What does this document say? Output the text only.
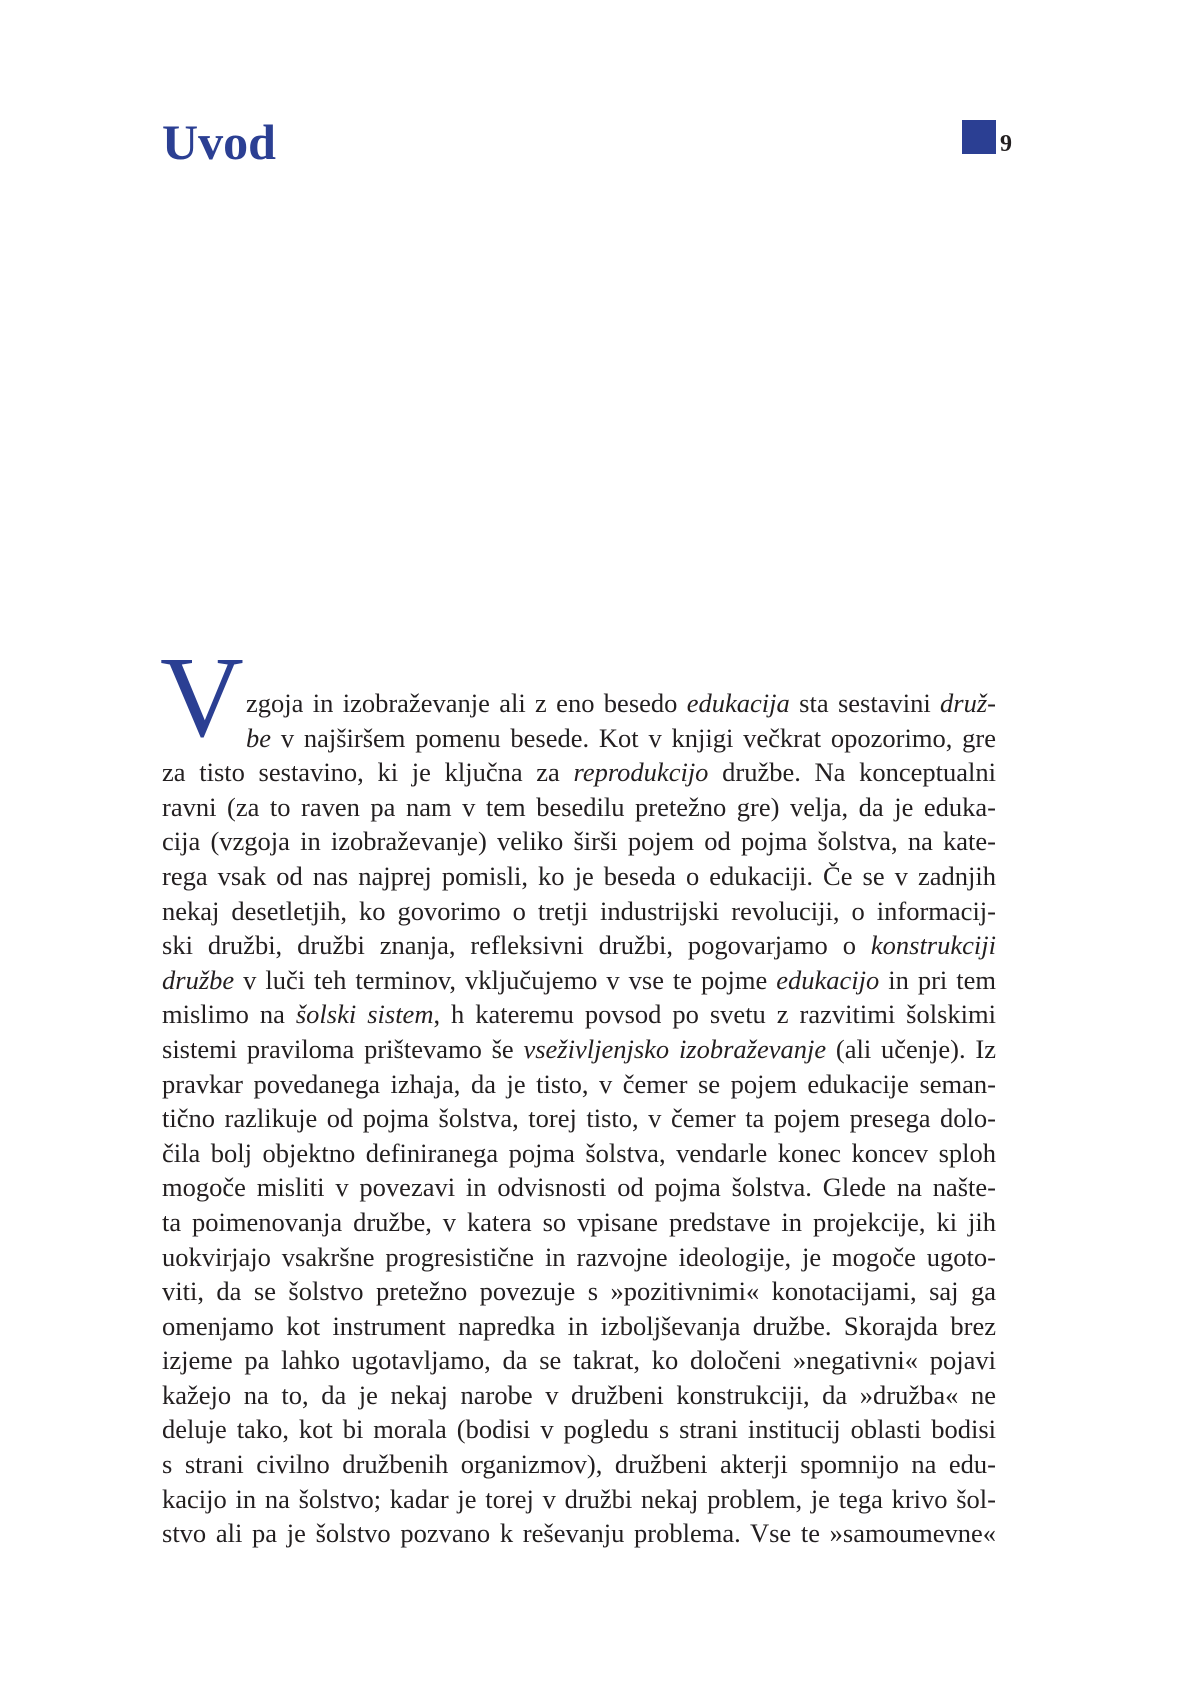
Uvod	9
V zgoja in izobraževanje ali z eno besedo edukacija sta sestavini druž-
be v najširšem pomenu besede. Kot v knjigi večkrat opozorimo, gre
za tisto sestavino, ki je ključna za reprodukcijo družbe. Na konceptualni
ravni (za to raven pa nam v tem besedilu pretežno gre) velja, da je eduka-
cija (vzgoja in izobraževanje) veliko širši pojem od pojma šolstva, na kate-
rega vsak od nas najprej pomisli, ko je beseda o edukaciji. Če se v zadnjih
nekaj desetletjih, ko govorimo o tretji industrijski revoluciji, o informacij-
ski družbi, družbi znanja, refleksivni družbi, pogovarjamo o konstrukciji
družbe v luči teh terminov, vključujemo v vse te pojme edukacijo in pri tem
mislimo na šolski sistem, h kateremu povsod po svetu z razvitimi šolskimi
sistemi praviloma prištevamo še vseživljenjsko izobraževanje (ali učenje). Iz
pravkar povedanega izhaja, da je tisto, v čemer se pojem edukacije seman-
tično razlikuje od pojma šolstva, torej tisto, v čemer ta pojem presega dolo-
čila bolj objektno definiranega pojma šolstva, vendarle konec koncev sploh
mogoče misliti v povezavi in odvisnosti od pojma šolstva. Glede na našte-
ta poimenovanja družbe, v katera so vpisane predstave in projekcije, ki jih
uokvirjajo vsakršne progresistične in razvojne ideologije, je mogoče ugoto-
viti, da se šolstvo pretežno povezuje s »pozitivnimi« konotacijami, saj ga
omenjamo kot instrument napredka in izboljševanja družbe. Skorajda brez
izjeme pa lahko ugotavljamo, da se takrat, ko določeni »negativni« pojavi
kažejo na to, da je nekaj narobe v družbeni konstrukciji, da »družba« ne
deluje tako, kot bi morala (bodisi v pogledu s strani institucij oblasti bodisi
s strani civilno družbenih organizmov), družbeni akterji spomnijo na edu-
kacijo in na šolstvo; kadar je torej v družbi nekaj problem, je tega krivo šol-
stvo ali pa je šolstvo pozvano k reševanju problema. Vse te »samoumevne«
